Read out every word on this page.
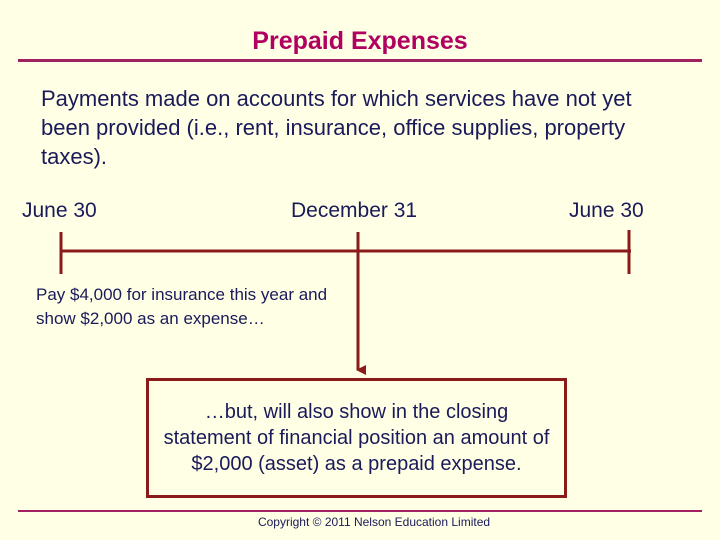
Prepaid Expenses
Payments made on accounts for which services have not yet been provided (i.e., rent, insurance, office supplies, property taxes).
June 30	December 31	June 30
Pay $4,000 for insurance this year and show $2,000 as an expense…
…but, will also show in the closing statement of financial position an amount of $2,000 (asset) as a prepaid expense.
Copyright © 2011 Nelson Education Limited
